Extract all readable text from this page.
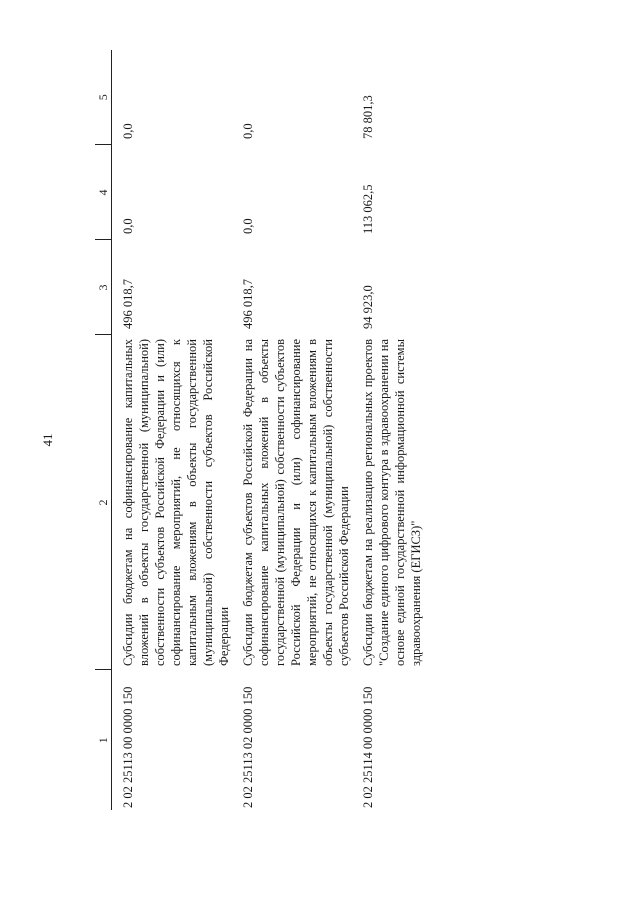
41
1	2	3	4	5

2 02 25113 00 0000 150	Субсидии бюджетам на софинансирование капитальных вложений в объекты государственной (муниципальной) собственности субъектов Российской Федерации и (или) софинансирование мероприятий, не относящихся к капитальным вложениям в объекты государственной (муниципальной) собственности субъектов Российской Федерации	496 018,7	0,0	0,0

2 02 25113 02 0000 150	Субсидии бюджетам субъектов Российской Федерации на софинансирование капитальных вложений в объекты государственной (муниципальной) собственности субъектов Российской Федерации и (или) софинансирование мероприятий, не относящихся к капитальным вложениям в объекты государственной (муниципальной) собственности субъектов Российской Федерации	496 018,7	0,0	0,0

2 02 25114 00 0000 150	Субсидии бюджетам на реализацию региональных проектов "Создание единого цифрового контура в здравоохранении на основе единой государственной информационной системы здравоохранения (ЕГИСЗ)"	94 923,0	113 062,5	78 801,3
